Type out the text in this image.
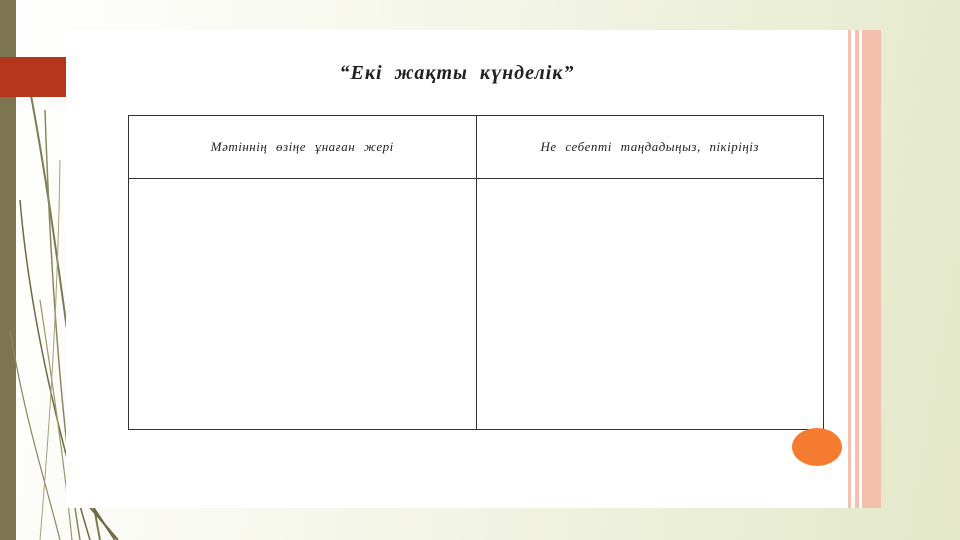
“Екі жақты күнделік”
Мәтіннің өзіңе ұнаған жері	Не себепті таңдадыңыз, пікіріңіз
